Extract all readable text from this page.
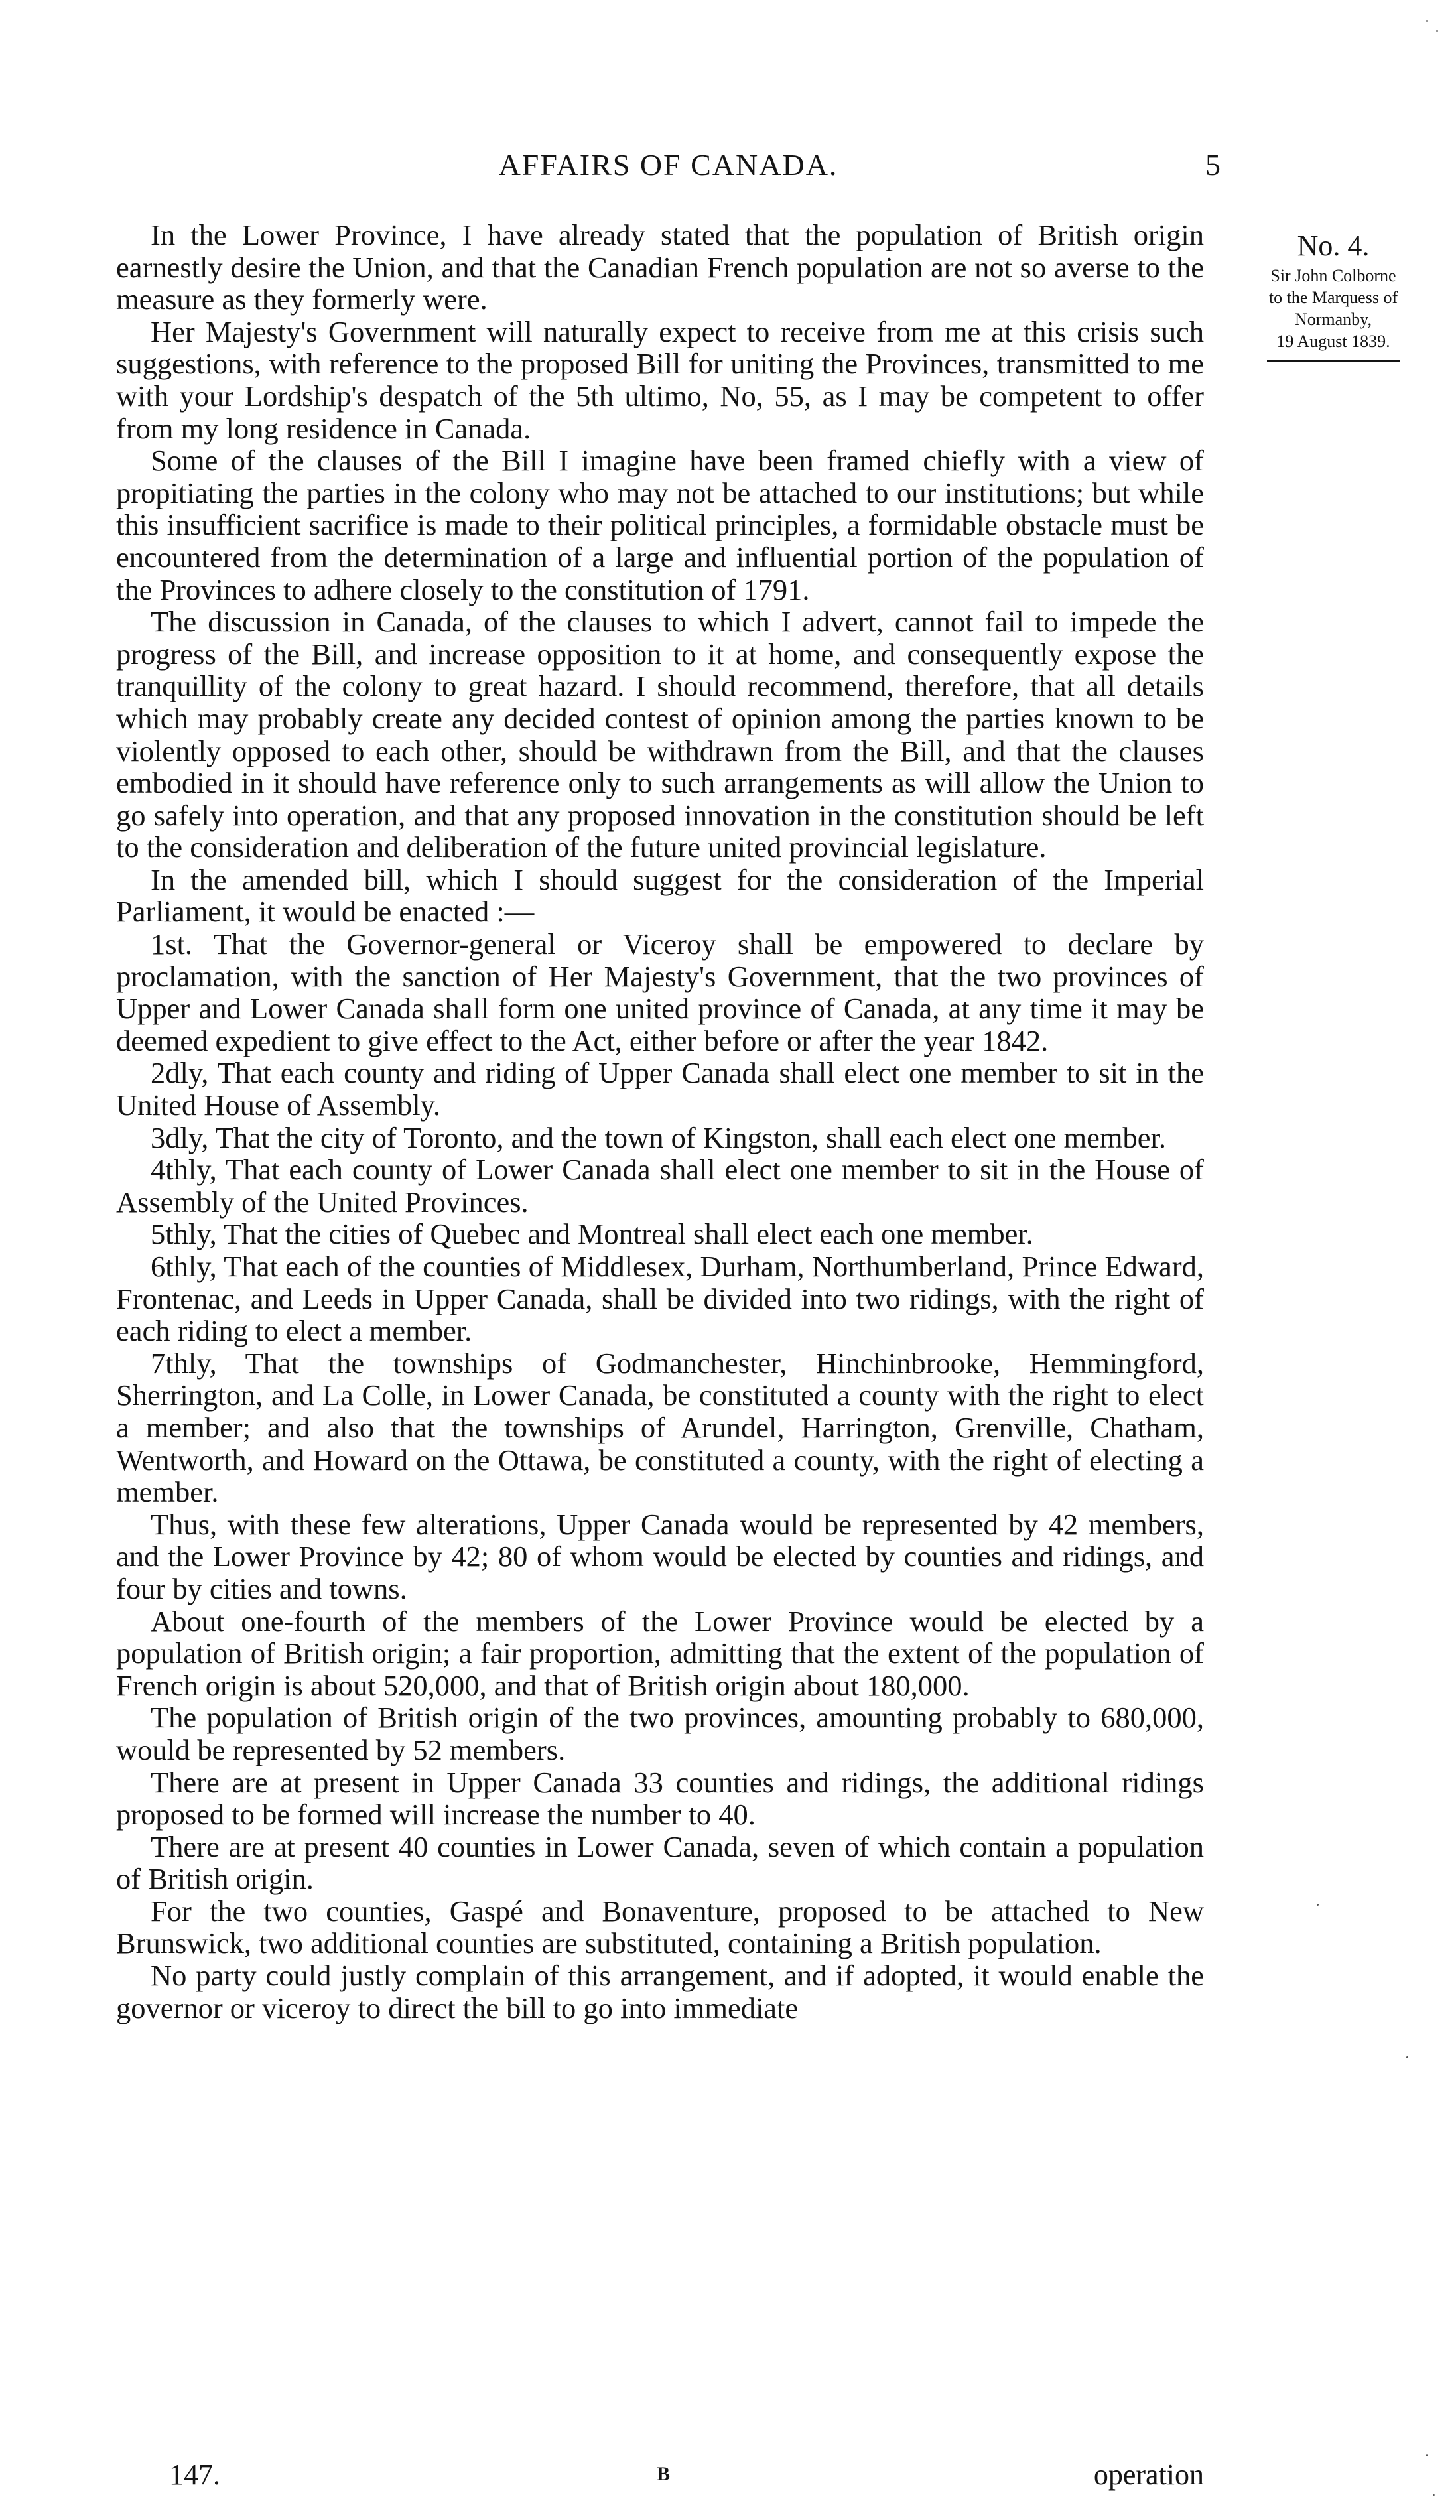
AFFAIRS OF CANADA.	5
No. 4.
Sir John Colborne
to the Marquess of
Normanby,
19 August 1839.

In the Lower Province, I have already stated that the population of British origin earnestly desire the Union, and that the Canadian French population are not so averse to the measure as they formerly were.

Her Majesty's Government will naturally expect to receive from me at this crisis such suggestions, with reference to the proposed Bill for uniting the Provinces, transmitted to me with your Lordship's despatch of the 5th ultimo, No, 55, as I may be competent to offer from my long residence in Canada.

Some of the clauses of the Bill I imagine have been framed chiefly with a view of propitiating the parties in the colony who may not be attached to our institutions; but while this insufficient sacrifice is made to their political principles, a formidable obstacle must be encountered from the determination of a large and influential portion of the population of the Provinces to adhere closely to the constitution of 1791.

The discussion in Canada, of the clauses to which I advert, cannot fail to impede the progress of the Bill, and increase opposition to it at home, and consequently expose the tranquillity of the colony to great hazard. I should recommend, therefore, that all details which may probably create any decided contest of opinion among the parties known to be violently opposed to each other, should be withdrawn from the Bill, and that the clauses embodied in it should have reference only to such arrangements as will allow the Union to go safely into operation, and that any proposed innovation in the constitution should be left to the consideration and deliberation of the future united provincial legislature.

In the amended bill, which I should suggest for the consideration of the Imperial Parliament, it would be enacted :—

1st. That the Governor-general or Viceroy shall be empowered to declare by proclamation, with the sanction of Her Majesty's Government, that the two provinces of Upper and Lower Canada shall form one united province of Canada, at any time it may be deemed expedient to give effect to the Act, either before or after the year 1842.

2dly, That each county and riding of Upper Canada shall elect one member to sit in the United House of Assembly.

3dly, That the city of Toronto, and the town of Kingston, shall each elect one member.

4thly, That each county of Lower Canada shall elect one member to sit in the House of Assembly of the United Provinces.

5thly, That the cities of Quebec and Montreal shall elect each one member.

6thly, That each of the counties of Middlesex, Durham, Northumberland, Prince Edward, Frontenac, and Leeds in Upper Canada, shall be divided into two ridings, with the right of each riding to elect a member.

7thly, That the townships of Godmanchester, Hinchinbrooke, Hemmingford, Sherrington, and La Colle, in Lower Canada, be constituted a county with the right to elect a member; and also that the townships of Arundel, Harrington, Grenville, Chatham, Wentworth, and Howard on the Ottawa, be constituted a county, with the right of electing a member.

Thus, with these few alterations, Upper Canada would be represented by 42 members, and the Lower Province by 42; 80 of whom would be elected by counties and ridings, and four by cities and towns.

About one-fourth of the members of the Lower Province would be elected by a population of British origin; a fair proportion, admitting that the extent of the population of French origin is about 520,000, and that of British origin about 180,000.

The population of British origin of the two provinces, amounting probably to 680,000, would be represented by 52 members.

There are at present in Upper Canada 33 counties and ridings, the additional ridings proposed to be formed will increase the number to 40.

There are at present 40 counties in Lower Canada, seven of which contain a population of British origin.

For the two counties, Gaspé and Bonaventure, proposed to be attached to New Brunswick, two additional counties are substituted, containing a British population.

No party could justly complain of this arrangement, and if adopted, it would enable the governor or viceroy to direct the bill to go into immediate

147.	B	operation
